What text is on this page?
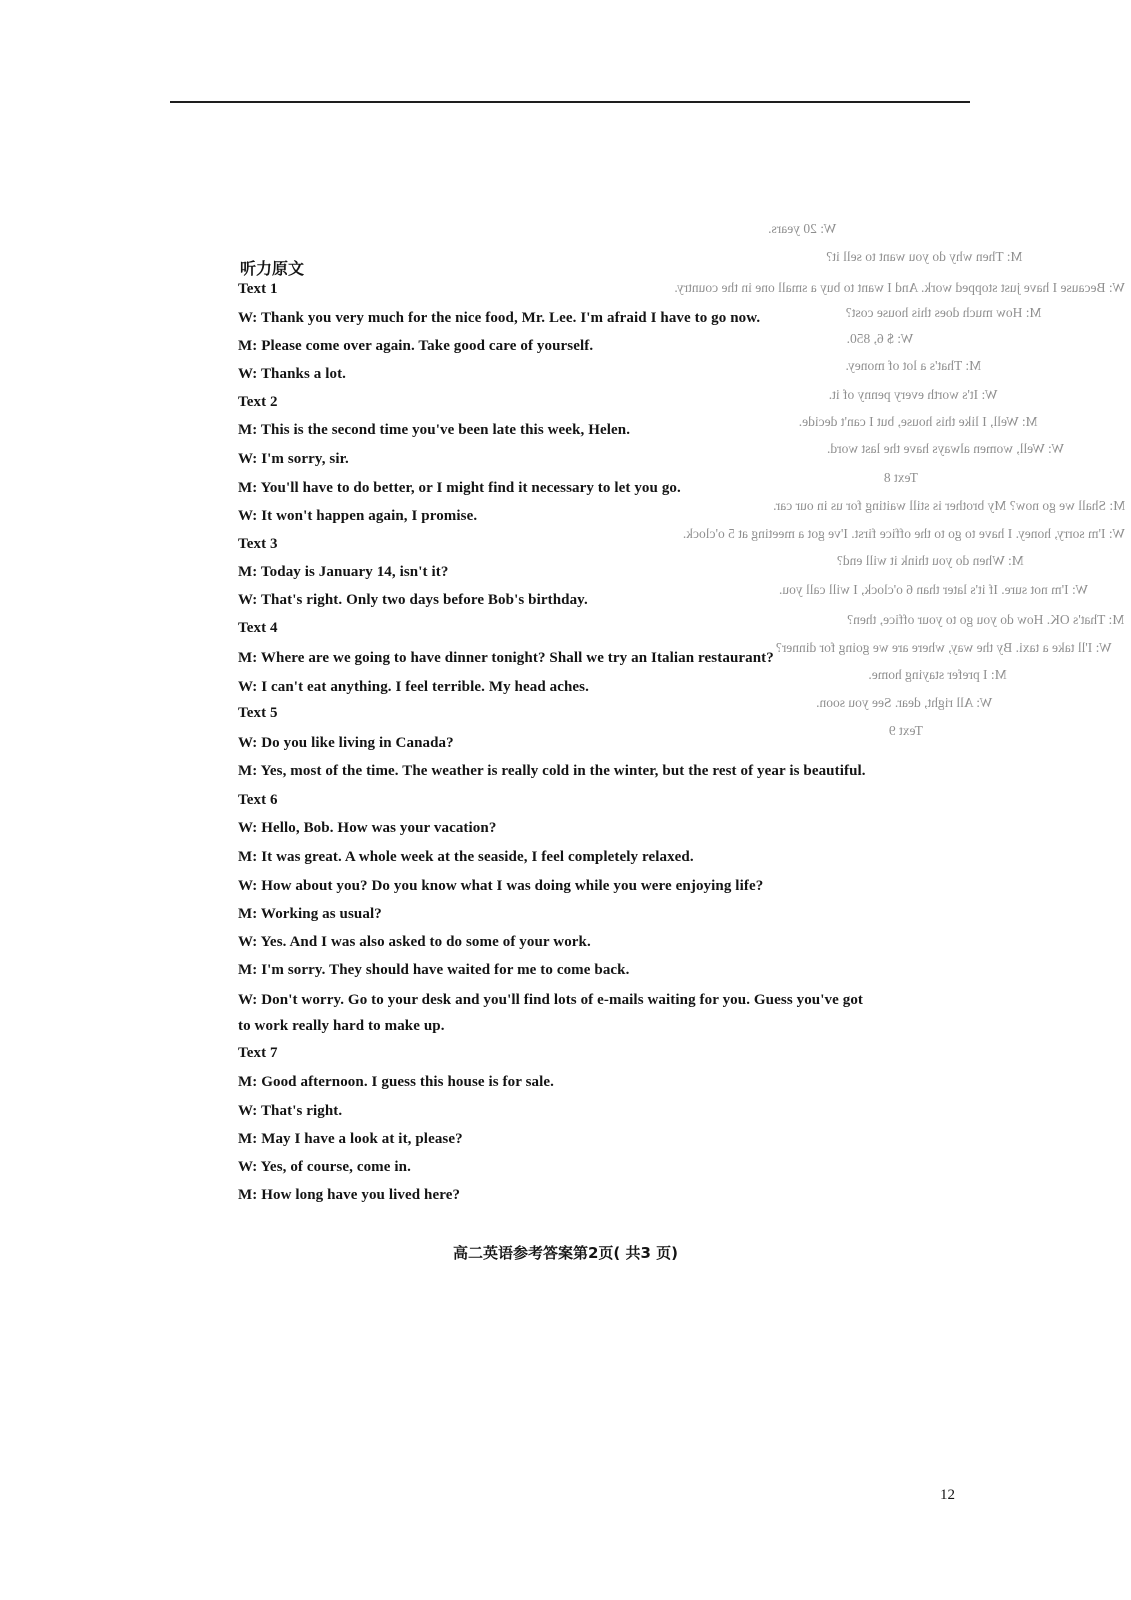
W: 20 years.
M: Then why do you want to sell it?
W: Because I have just stopped work. And I want to buy a small one in the country.
M: How much does this house cost?
W: $ 6, 850.
M: That's a lot of money.
W: It's worth every penny of it.
M: Well, I like this house, but I can't decide.
W: Well, women always have the last word.
Text 8
M: Shall we go now? My brother is still waiting for us in our car.
W: I'm sorry, honey. I have to go to the office first. I've got a meeting at 5 o'clock.
M: When do you think it will end?
W: I'm not sure. If it's later than 6 o'clock, I will call you.
M: That's OK. How do you go to your office, then?
W: I'll take a taxi. By the way, where are we going for dinner?
M: I prefer staying home.
W: All right, dear. See you soon.
Text 9
听力原文
Text 1
W: Thank you very much for the nice food, Mr. Lee. I'm afraid I have to go now.
M: Please come over again. Take good care of yourself.
W: Thanks a lot.
Text 2
M: This is the second time you've been late this week, Helen.
W: I'm sorry, sir.
M: You'll have to do better, or I might find it necessary to let you go.
W: It won't happen again, I promise.
Text 3
M: Today is January 14, isn't it?
W: That's right. Only two days before Bob's birthday.
Text 4
M: Where are we going to have dinner tonight? Shall we try an Italian restaurant?
W: I can't eat anything. I feel terrible. My head aches.
Text 5
W: Do you like living in Canada?
M: Yes, most of the time. The weather is really cold in the winter, but the rest of year is beautiful.
Text 6
W: Hello, Bob. How was your vacation?
M: It was great. A whole week at the seaside, I feel completely relaxed.
W: How about you? Do you know what I was doing while you were enjoying life?
M: Working as usual?
W: Yes. And I was also asked to do some of your work.
M: I'm sorry. They should have waited for me to come back.
W: Don't worry. Go to your desk and you'll find lots of e-mails waiting for you. Guess you've got
to work really hard to make up.
Text 7
M: Good afternoon. I guess this house is for sale.
W: That's right.
M: May I have a look at it, please?
W: Yes, of course, come in.
M: How long have you lived here?
高二英语参考答案第2页( 共3 页)
12
